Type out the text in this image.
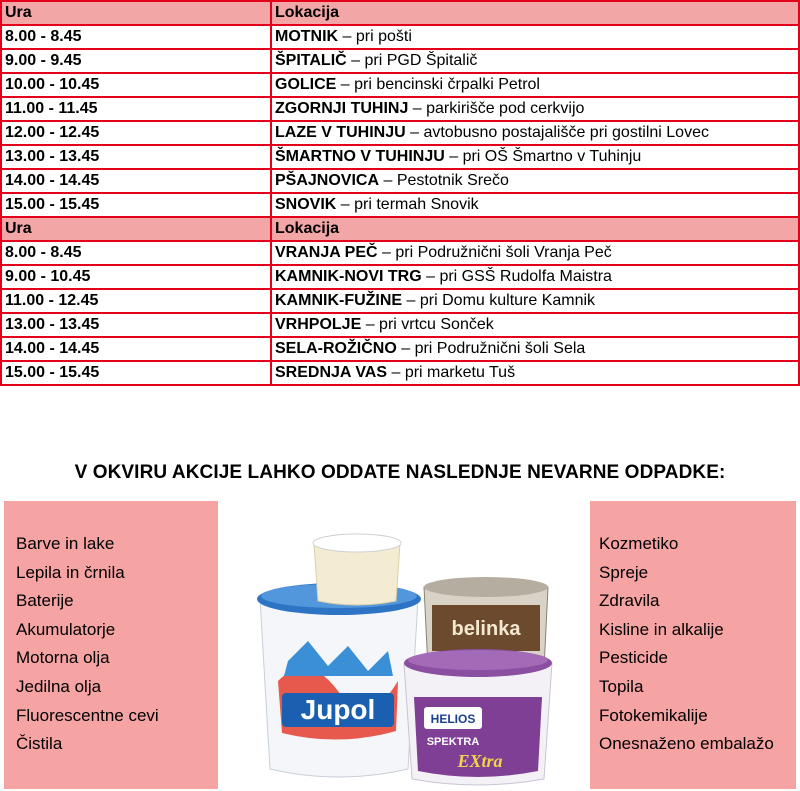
Ura	Lokacija
8.00 - 8.45	MOTNIK – pri pošti
9.00 - 9.45	ŠPITALIČ – pri PGD Špitalič
10.00 - 10.45	GOLICE – pri bencinski črpalki Petrol
11.00 - 11.45	ZGORNJI TUHINJ – parkirišče pod cerkvijo
12.00 - 12.45	LAZE V TUHINJU – avtobusno postajališče pri gostilni Lovec
13.00 - 13.45	ŠMARTNO V TUHINJU – pri OŠ Šmartno v Tuhinju
14.00 - 14.45	PŠAJNOVICA – Pestotnik Srečo
15.00 - 15.45	SNOVIK – pri termah Snovik
Ura	Lokacija
8.00 - 8.45	VRANJA PEČ – pri Podružnični šoli Vranja Peč
9.00 - 10.45	KAMNIK-NOVI TRG – pri GSŠ Rudolfa Maistra
11.00 - 12.45	KAMNIK-FUŽINE – pri Domu kulture Kamnik
13.00 - 13.45	VRHPOLJE – pri vrtcu Sonček
14.00 - 14.45	SELA-ROŽIČNO – pri Podružnični šoli Sela
15.00 - 15.45	SREDNJA VAS – pri marketu Tuš
V OKVIRU AKCIJE LAHKO ODDATE NASLEDNJE NEVARNE ODPADKE:
Barve in lake
Lepila in črnila
Baterije
Akumulatorje
Motorna olja
Jedilna olja
Fluorescentne cevi
Čistila
Jupol
belinka
HELIOS
SPEKTRA
EXtra
Kozmetiko
Spreje
Zdravila
Kisline in alkalije
Pesticide
Topila
Fotokemikalije
Onesnaženo embalažo
